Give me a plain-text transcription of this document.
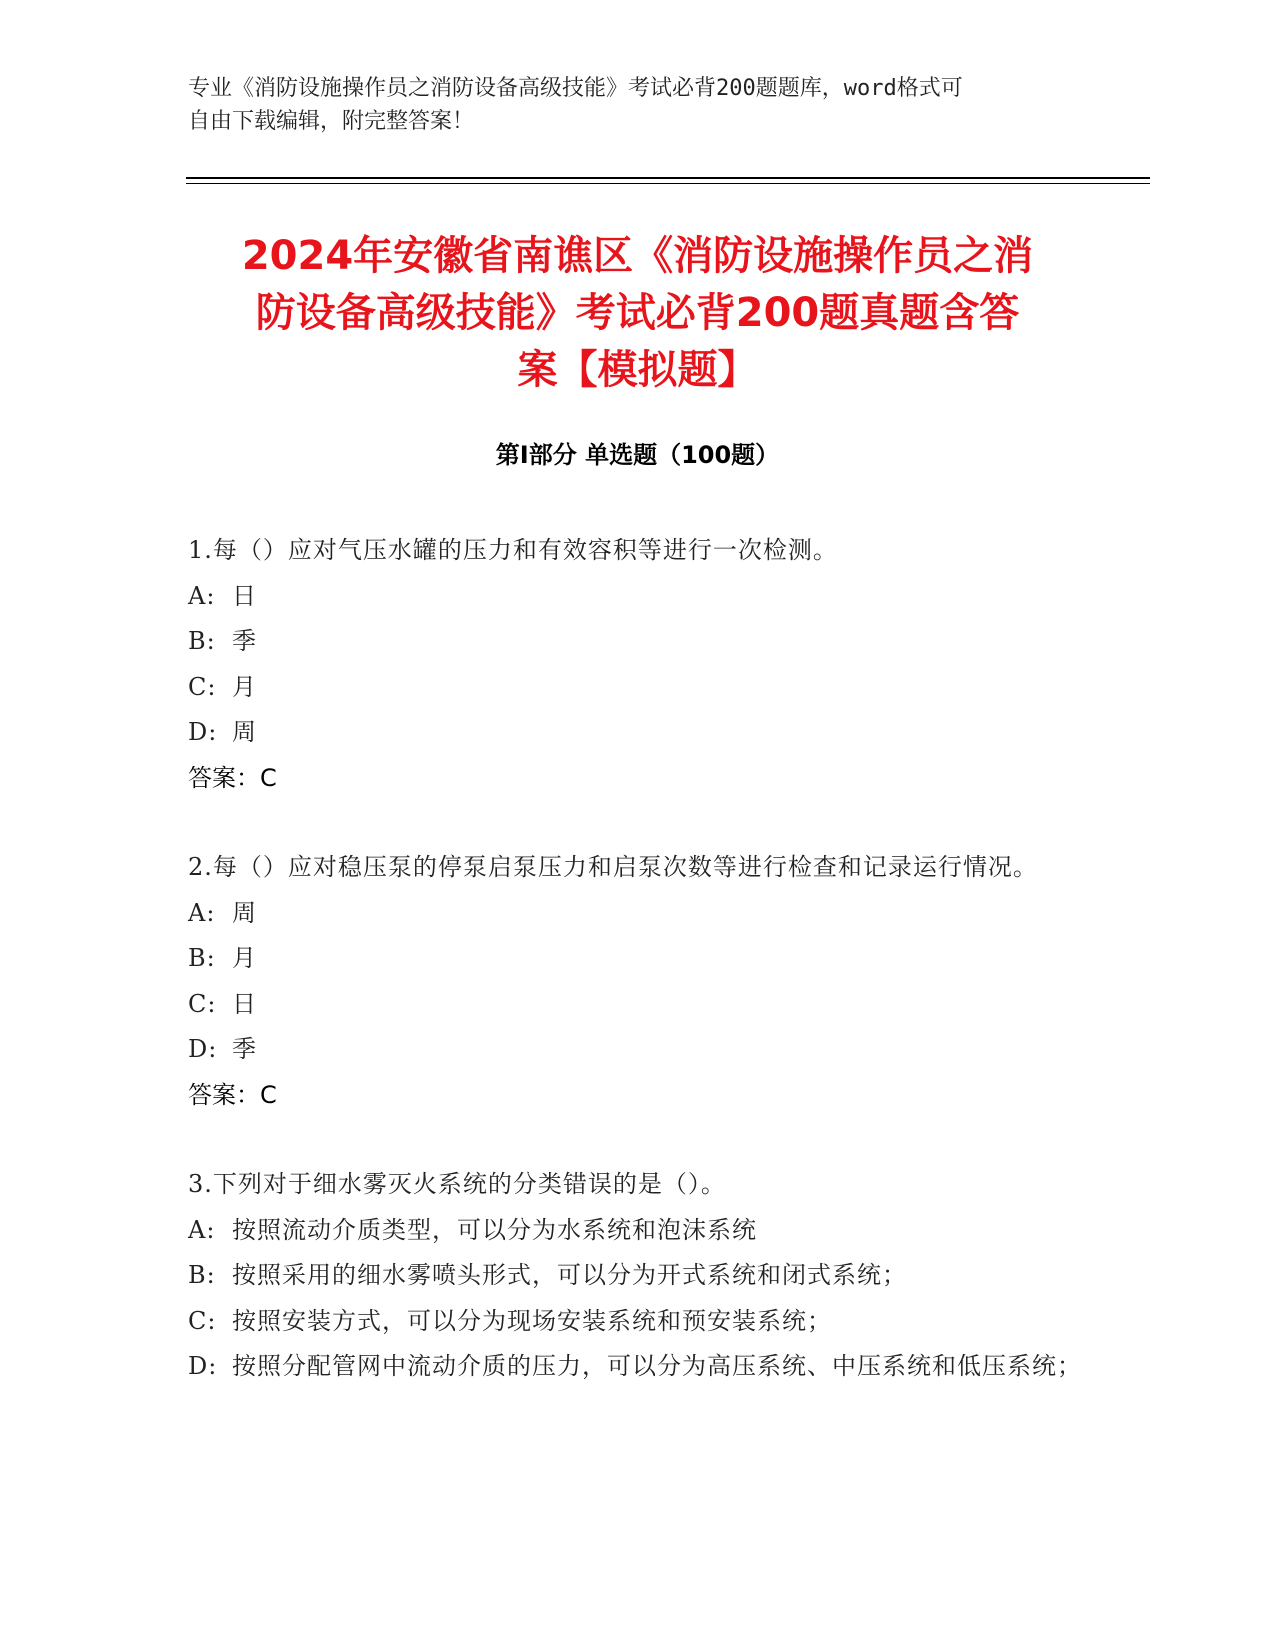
专业《消防设施操作员之消防设备高级技能》考试必背200题题库，word格式可
自由下载编辑，附完整答案！
2024年安徽省南谯区《消防设施操作员之消
防设备高级技能》考试必背200题真题含答
案【模拟题】
第I部分 单选题（100题）

1.每（）应对气压水罐的压力和有效容积等进行一次检测。

A: 日

B: 季

C: 月

D: 周

答案：C

2.每（）应对稳压泵的停泵启泵压力和启泵次数等进行检查和记录运行情况。

A: 周

B: 月

C: 日

D: 季

答案：C

3.下列对于细水雾灭火系统的分类错误的是（）。

A: 按照流动介质类型，可以分为水系统和泡沫系统

B: 按照采用的细水雾喷头形式，可以分为开式系统和闭式系统；

C: 按照安装方式，可以分为现场安装系统和预安装系统；

D: 按照分配管网中流动介质的压力，可以分为高压系统、中压系统和低压系统；
